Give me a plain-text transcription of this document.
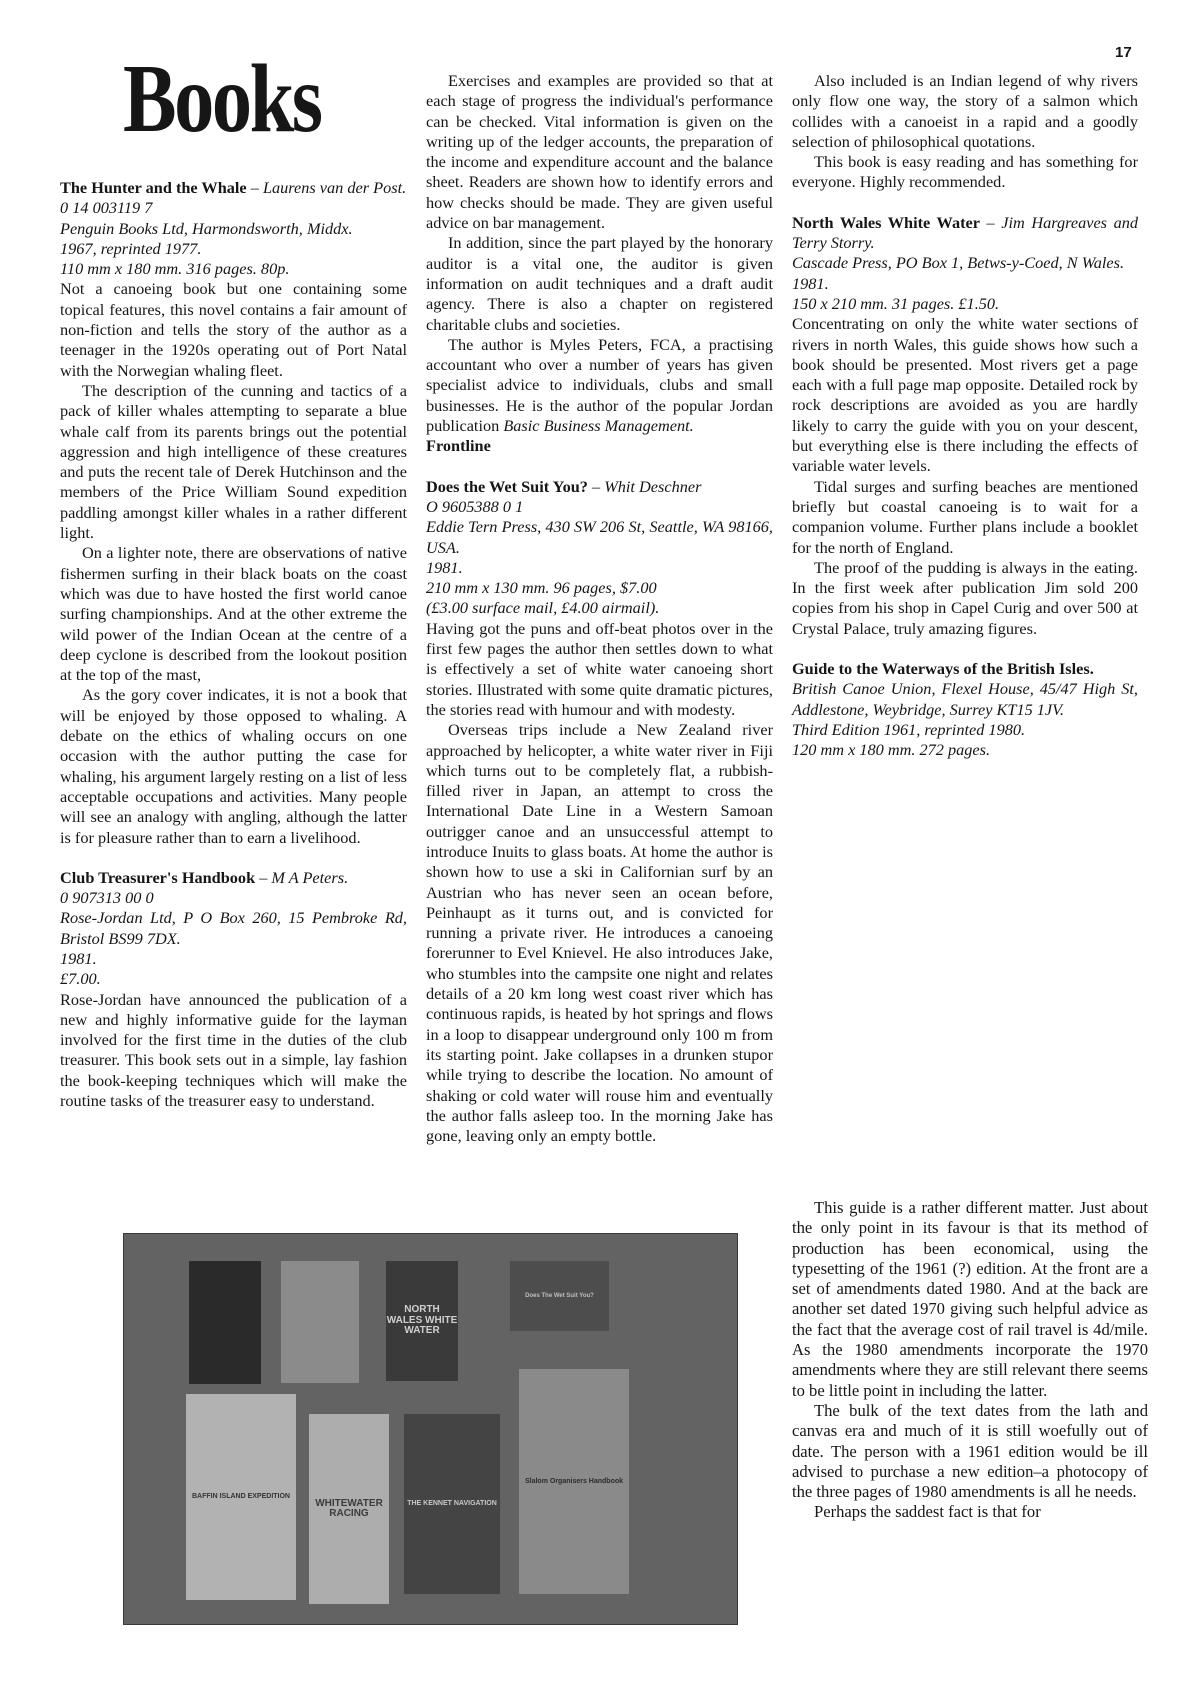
17
Books

The Hunter and the Whale – Laurens van der Post.

0 14 003119 7
Penguin Books Ltd, Harmondsworth, Middx.
1967, reprinted 1977.
110 mm x 180 mm. 316 pages. 80p.

Not a canoeing book but one containing some topical features, this novel contains a fair amount of non-fiction and tells the story of the author as a teenager in the 1920s operating out of Port Natal with the Norwegian whaling fleet.

The description of the cunning and tactics of a pack of killer whales attempting to separate a blue whale calf from its parents brings out the potential aggression and high intelligence of these creatures and puts the recent tale of Derek Hutchinson and the members of the Price William Sound expedition paddling amongst killer whales in a rather different light.

On a lighter note, there are observations of native fishermen surfing in their black boats on the coast which was due to have hosted the first world canoe surfing championships. And at the other extreme the wild power of the Indian Ocean at the centre of a deep cyclone is described from the lookout position at the top of the mast,

As the gory cover indicates, it is not a book that will be enjoyed by those opposed to whaling. A debate on the ethics of whaling occurs on one occasion with the author putting the case for whaling, his argument largely resting on a list of less acceptable occupations and activities. Many people will see an analogy with angling, although the latter is for pleasure rather than to earn a livelihood.

Club Treasurer's Handbook – M A Peters.

0 907313 00 0
Rose-Jordan Ltd, P O Box 260, 15 Pembroke Rd, Bristol BS99 7DX.
1981.
£7.00.

Rose-Jordan have announced the publication of a new and highly informative guide for the layman involved for the first time in the duties of the club treasurer. This book sets out in a simple, lay fashion the book-keeping techniques which will make the routine tasks of the treasurer easy to understand.

Exercises and examples are provided so that at each stage of progress the individual's performance can be checked. Vital information is given on the writing up of the ledger accounts, the preparation of the income and expenditure account and the balance sheet. Readers are shown how to identify errors and how checks should be made. They are given useful advice on bar management.

In addition, since the part played by the honorary auditor is a vital one, the auditor is given information on audit techniques and a draft audit agency. There is also a chapter on registered charitable clubs and societies.

The author is Myles Peters, FCA, a practising accountant who over a number of years has given specialist advice to individuals, clubs and small businesses. He is the author of the popular Jordan publication Basic Business Management.

Frontline

Does the Wet Suit You? – Whit Deschner

O 9605388 0 1
Eddie Tern Press, 430 SW 206 St, Seattle, WA 98166, USA.
1981.
210 mm x 130 mm. 96 pages, $7.00
(£3.00 surface mail, £4.00 airmail).

Having got the puns and off-beat photos over in the first few pages the author then settles down to what is effectively a set of white water canoeing short stories. Illustrated with some quite dramatic pictures, the stories read with humour and with modesty.

Overseas trips include a New Zealand river approached by helicopter, a white water river in Fiji which turns out to be completely flat, a rubbish-filled river in Japan, an attempt to cross the International Date Line in a Western Samoan outrigger canoe and an unsuccessful attempt to introduce Inuits to glass boats. At home the author is shown how to use a ski in Californian surf by an Austrian who has never seen an ocean before, Peinhaupt as it turns out, and is convicted for running a private river. He introduces a canoeing forerunner to Evel Knievel. He also introduces Jake, who stumbles into the campsite one night and relates details of a 20 km long west coast river which has continuous rapids, is heated by hot springs and flows in a loop to disappear underground only 100 m from its starting point. Jake collapses in a drunken stupor while trying to describe the location. No amount of shaking or cold water will rouse him and eventually the author falls asleep too. In the morning Jake has gone, leaving only an empty bottle.

Also included is an Indian legend of why rivers only flow one way, the story of a salmon which collides with a canoeist in a rapid and a goodly selection of philosophical quotations.

This book is easy reading and has something for everyone. Highly recommended.

North Wales White Water – Jim Hargreaves and Terry Storry.

Cascade Press, PO Box 1, Betws-y-Coed, N Wales.
1981.
150 x 210 mm. 31 pages. £1.50.

Concentrating on only the white water sections of rivers in north Wales, this guide shows how such a book should be presented. Most rivers get a page each with a full page map opposite. Detailed rock by rock descriptions are avoided as you are hardly likely to carry the guide with you on your descent, but everything else is there including the effects of variable water levels.

Tidal surges and surfing beaches are mentioned briefly but coastal canoeing is to wait for a companion volume. Further plans include a booklet for the north of England.

The proof of the pudding is always in the eating. In the first week after publication Jim sold 200 copies from his shop in Capel Curig and over 500 at Crystal Palace, truly amazing figures.

Guide to the Waterways of the British Isles.

British Canoe Union, Flexel House, 45/47 High St, Addlestone, Weybridge, Surrey KT15 1JV.
Third Edition 1961, reprinted 1980.
120 mm x 180 mm. 272 pages.

This guide is a rather different matter. Just about the only point in its favour is that its method of production has been economical, using the typesetting of the 1961 (?) edition. At the front are a set of amendments dated 1980. And at the back are another set dated 1970 giving such helpful advice as the fact that the average cost of rail travel is 4d/mile. As the 1980 amendments incorporate the 1970 amendments where they are still relevant there seems to be little point in including the latter.

The bulk of the text dates from the lath and canvas era and much of it is still woefully out of date. The person with a 1961 edition would be ill advised to purchase a new edition–a photocopy of the three pages of 1980 amendments is all he needs.

Perhaps the saddest fact is that for

NORTH WALES WHITE WATER
Does The Wet Suit You?
BAFFIN ISLAND EXPEDITION
WHITEWATER RACING
THE KENNET NAVIGATION
Slalom Organisers Handbook
